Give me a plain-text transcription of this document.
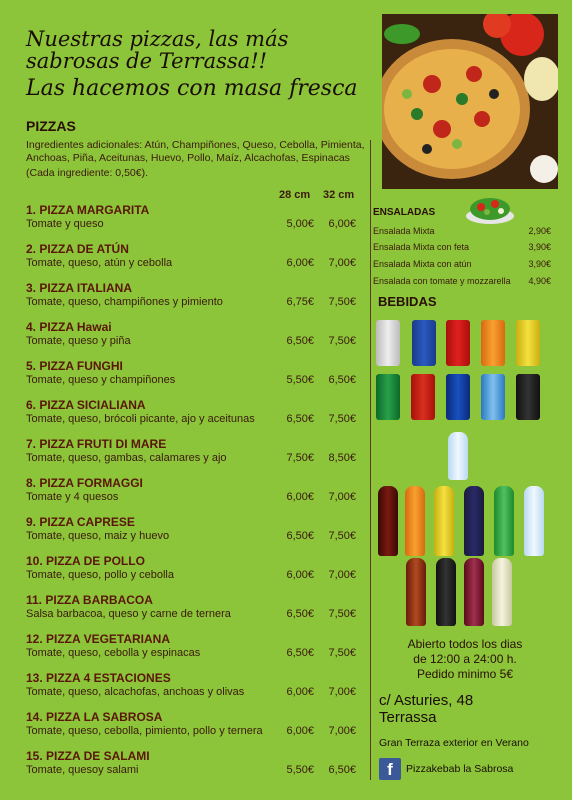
Nuestras pizzas, las más
sabrosas de Terrassa!!
Las hacemos con masa fresca
PIZZAS
Ingredientes adicionales: Atún, Champiñones, Queso, Cebolla, Pimienta, Anchoas, Piña, Aceitunas, Huevo, Pollo, Maíz, Alcachofas, Espinacas
(Cada ingrediente: 0,50€).
28 cm 32 cm
1. PIZZA MARGARITA
Tomate y queso	5,00€	6,00€
2. PIZZA DE ATÚN
Tomate, queso, atún y cebolla	6,00€	7,00€
3. PIZZA ITALIANA
Tomate, queso, champiñones y pimiento	6,75€	7,50€
4. PIZZA Hawai
Tomate, queso y piña	6,50€	7,50€
5. PIZZA FUNGHI
Tomate, queso y champiñones	5,50€	6,50€
6. PIZZA SICIALIANA
Tomate, queso, brócoli picante, ajo y aceitunas	6,50€	7,50€
7. PIZZA FRUTI DI MARE
Tomate, queso, gambas, calamares y ajo	7,50€	8,50€
8. PIZZA FORMAGGI
Tomate y 4 quesos	6,00€	7,00€
9. PIZZA CAPRESE
Tomate, queso, maiz y huevo	6,50€	7,50€
10. PIZZA DE POLLO
Tomate, queso, pollo y cebolla	6,00€	7,00€
11. PIZZA BARBACOA
Salsa barbacoa, queso y carne de ternera	6,50€	7,50€
12. PIZZA VEGETARIANA
Tomate, queso, cebolla y espinacas	6,50€	7,50€
13. PIZZA 4 ESTACIONES
Tomate, queso, alcachofas, anchoas y olivas	6,00€	7,00€
14. PIZZA LA SABROSA
Tomate, queso, cebolla, pimiento, pollo y ternera	6,00€	7,00€
15. PIZZA DE SALAMI
Tomate, quesoy salami	5,50€	6,50€
ENSALADAS
Ensalada Mixta	2,90€
Ensalada Mixta con feta	3,90€
Ensalada Mixta con atún	3,90€
Ensalada con tomate y mozzarella 4,90€
BEBIDAS
Abierto todos los dias
de 12:00 a 24:00 h.
Pedido minimo 5€
c/ Asturies, 48
Terrassa
Gran Terraza exterior en Verano
f	Pizzakebab la Sabrosa
